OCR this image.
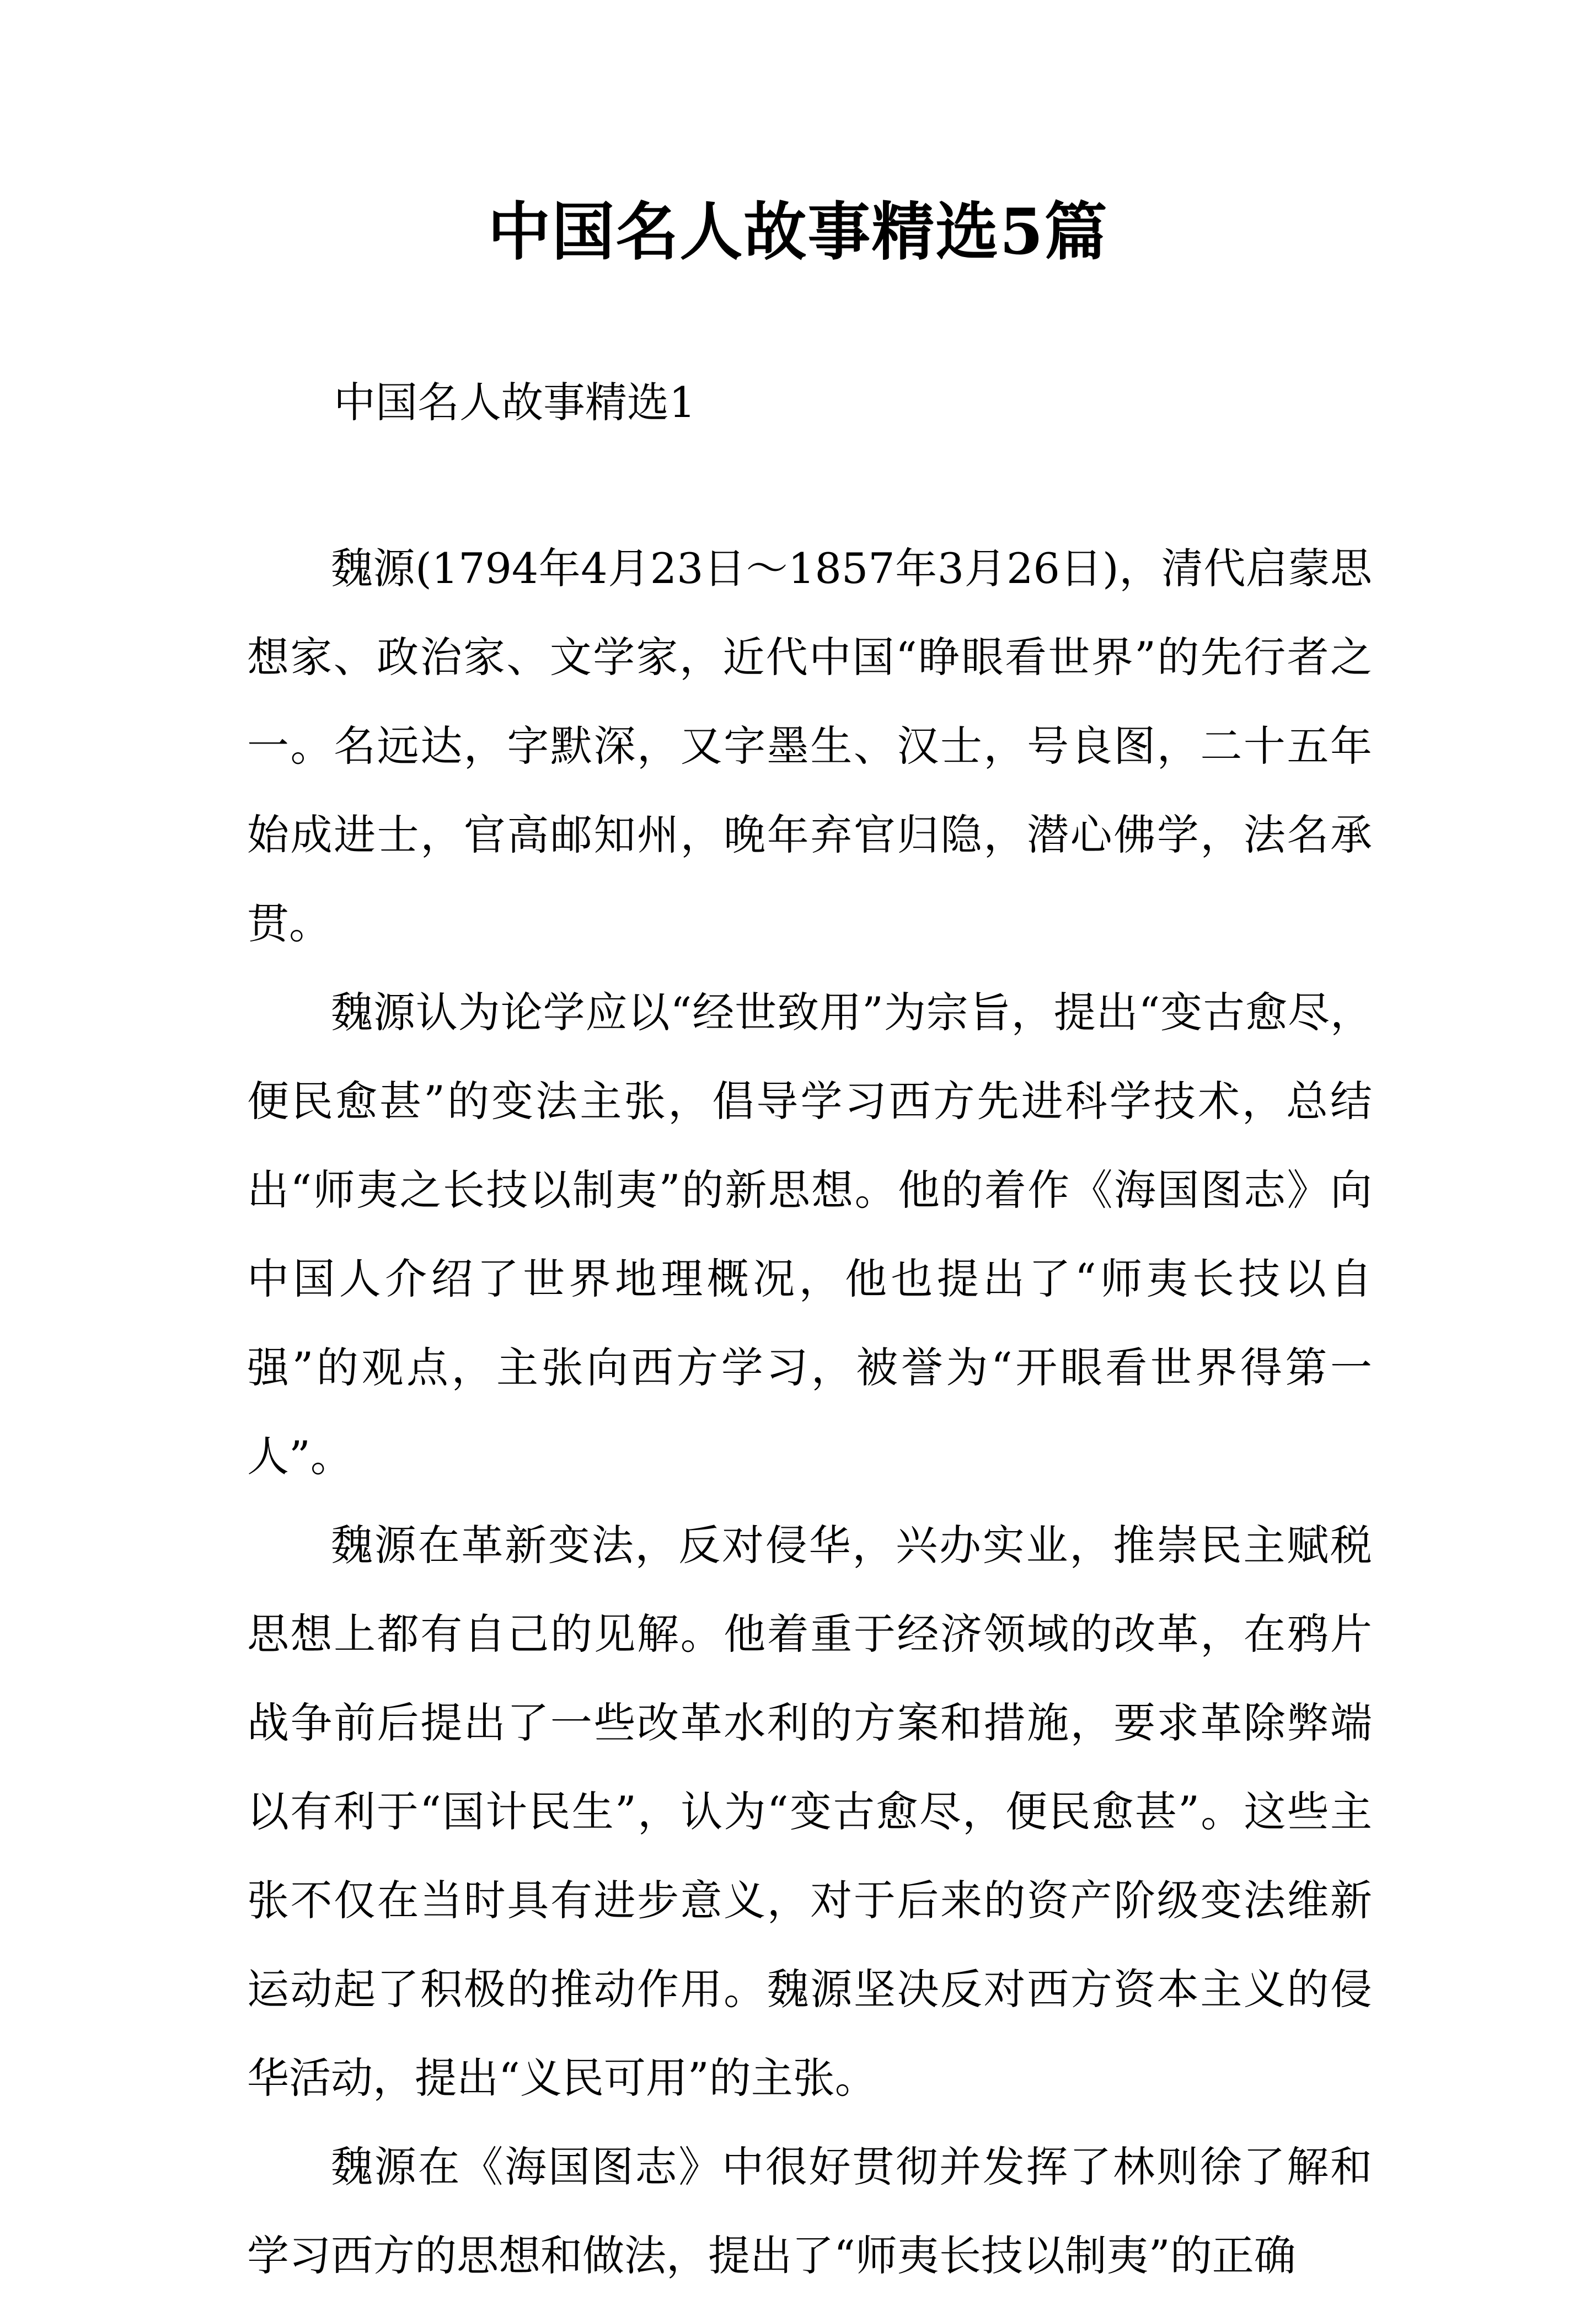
中国名人故事精选5篇
中国名人故事精选1

魏源(1794年4月23日～1857年3月26日)，清代启蒙思想家、政治家、文学家，近代中国“睁眼看世界”的先行者之一。名远达，字默深，又字墨生、汉士，号良图，二十五年始成进士，官高邮知州，晚年弃官归隐，潜心佛学，法名承贯。

魏源认为论学应以“经世致用”为宗旨，提出“变古愈尽，便民愈甚”的变法主张，倡导学习西方先进科学技术，总结出“师夷之长技以制夷”的新思想。他的着作《海国图志》向中国人介绍了世界地理概况，他也提出了“师夷长技以自强”的观点，主张向西方学习，被誉为“开眼看世界得第一人”。

魏源在革新变法，反对侵华，兴办实业，推崇民主赋税思想上都有自己的见解。他着重于经济领域的改革，在鸦片战争前后提出了一些改革水利的方案和措施，要求革除弊端以有利于“国计民生”，认为“变古愈尽，便民愈甚”。这些主张不仅在当时具有进步意义，对于后来的资产阶级变法维新运动起了积极的推动作用。魏源坚决反对西方资本主义的侵华活动，提出“义民可用”的主张。

魏源在《海国图志》中很好贯彻并发挥了林则徐了解和学习西方的思想和做法，提出了“师夷长技以制夷”的正确
